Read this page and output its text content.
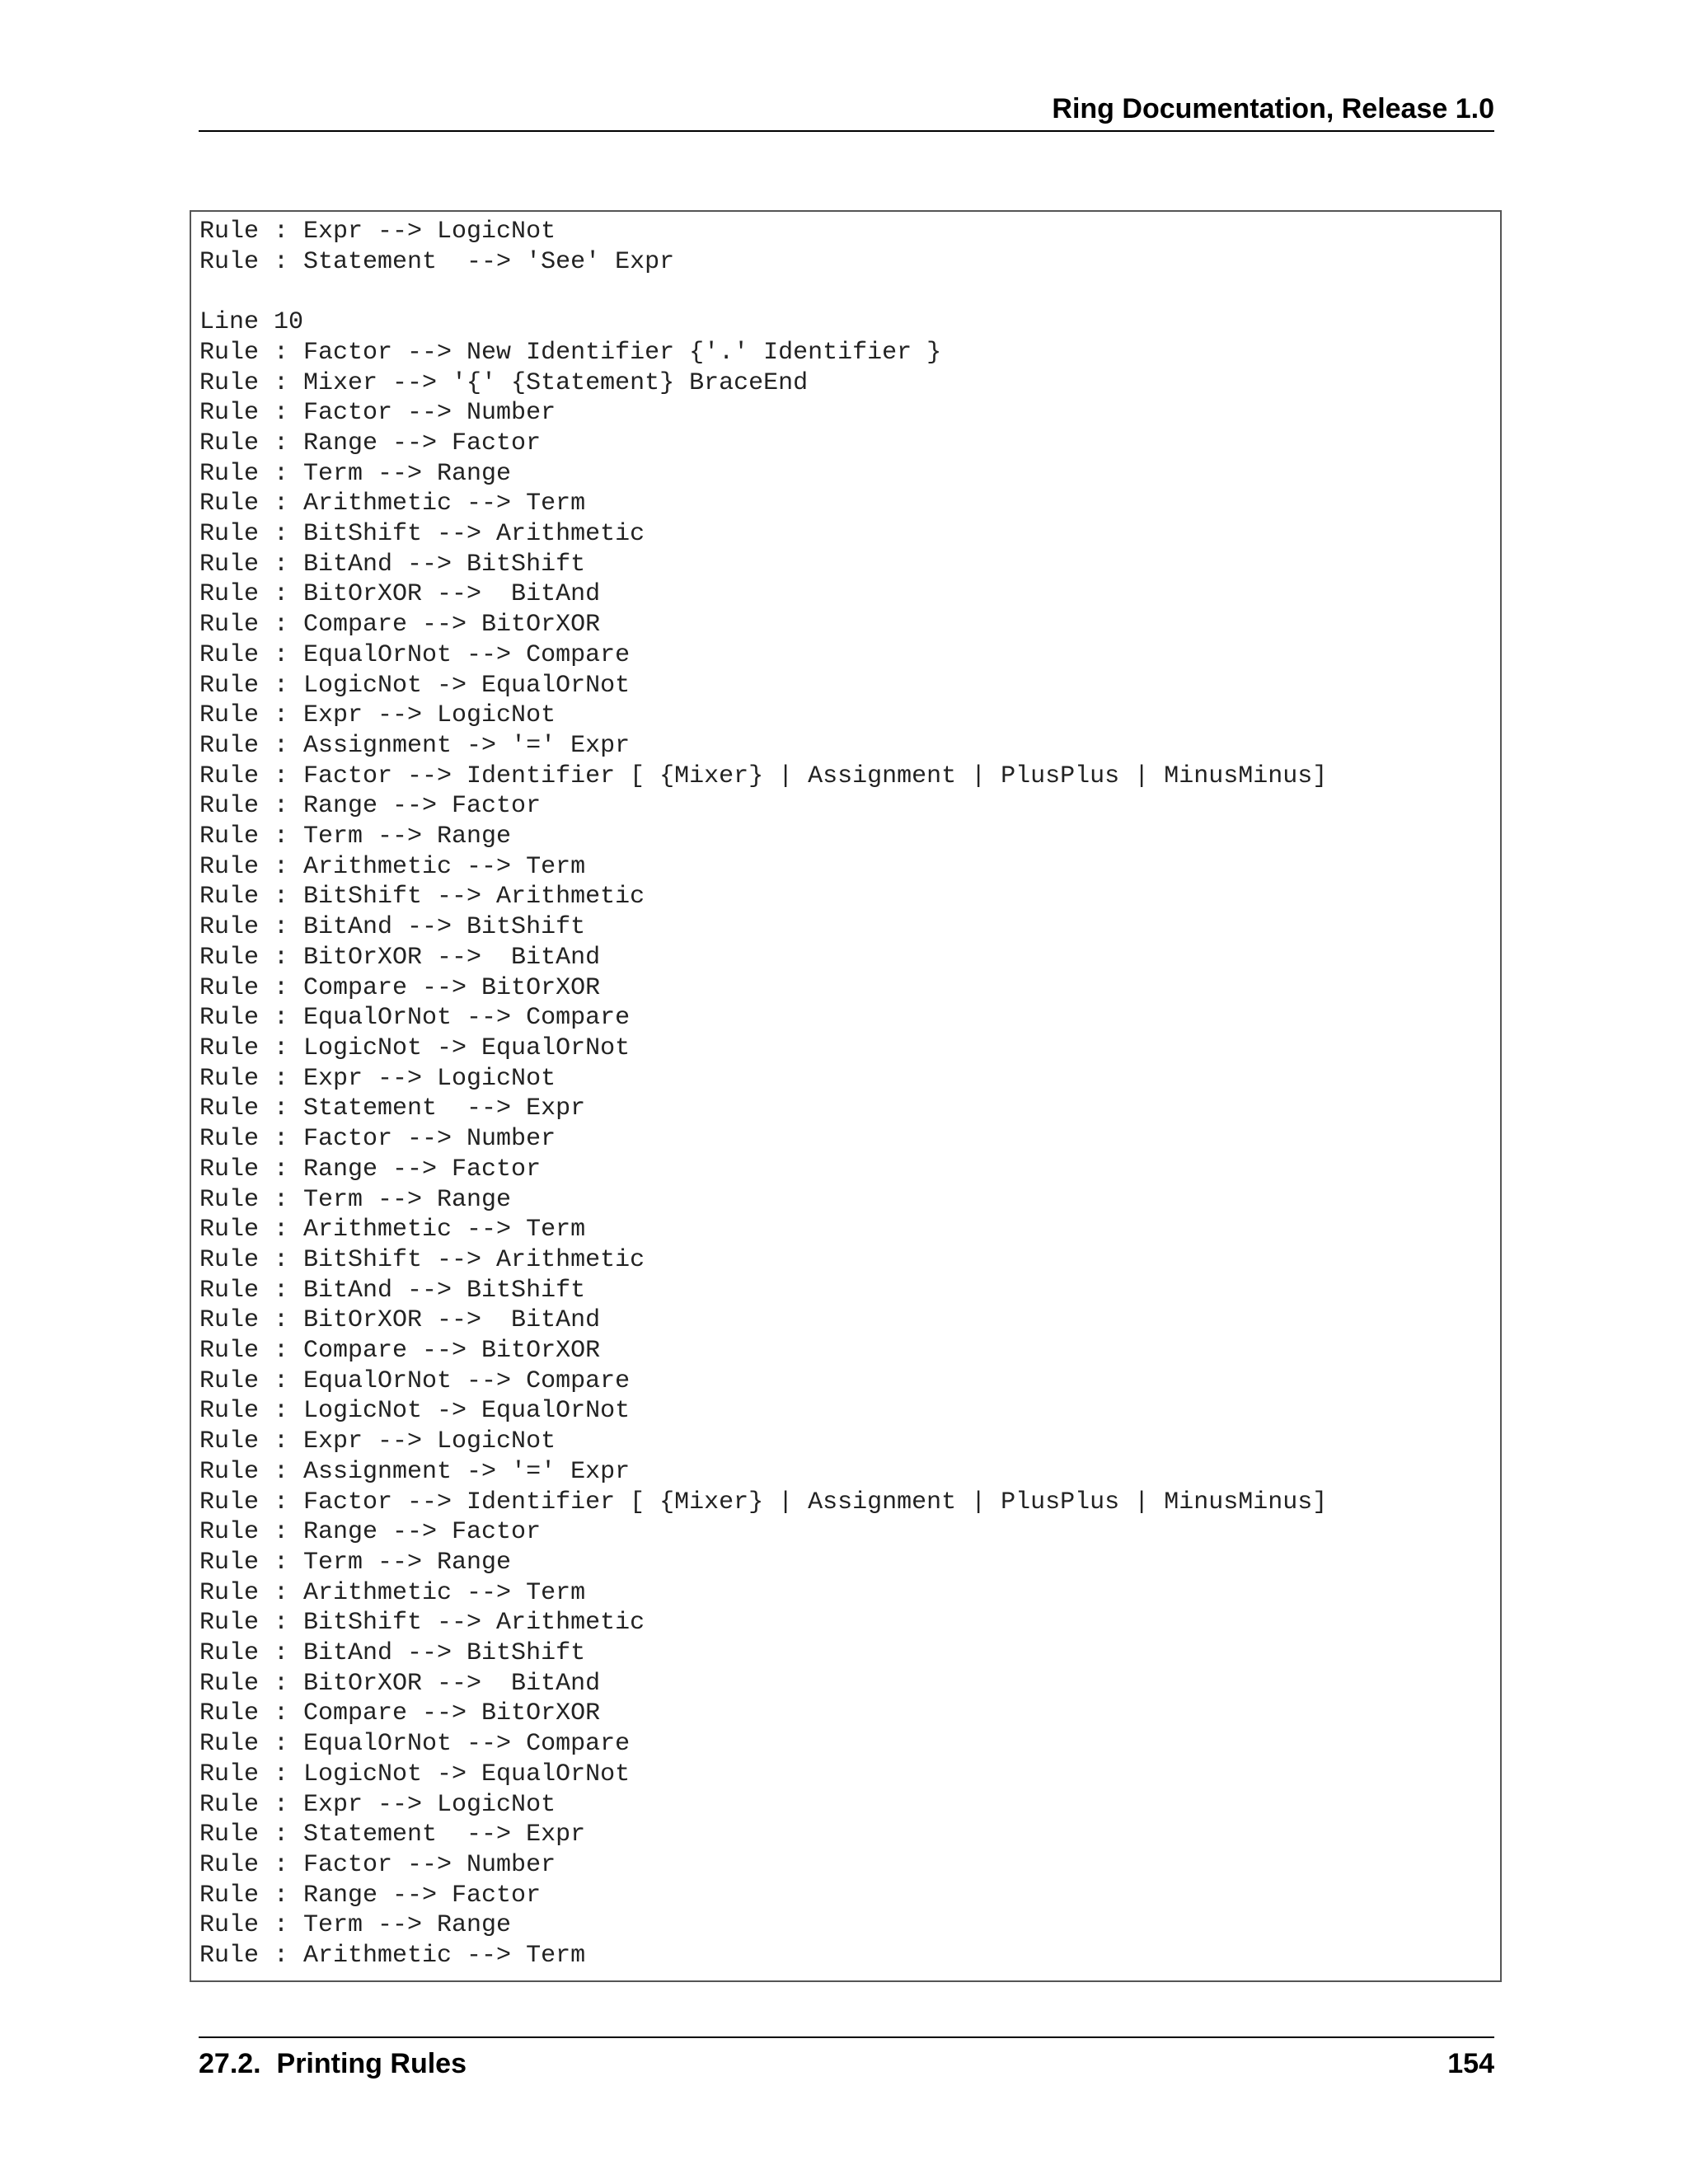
Ring Documentation, Release 1.0
Rule : Expr --> LogicNot
Rule : Statement  --> 'See' Expr

Line 10
Rule : Factor --> New Identifier {'.' Identifier }
Rule : Mixer --> '{' {Statement} BraceEnd
Rule : Factor --> Number
Rule : Range --> Factor
Rule : Term --> Range
Rule : Arithmetic --> Term
Rule : BitShift --> Arithmetic
Rule : BitAnd --> BitShift
Rule : BitOrXOR -->  BitAnd
Rule : Compare --> BitOrXOR
Rule : EqualOrNot --> Compare
Rule : LogicNot -> EqualOrNot
Rule : Expr --> LogicNot
Rule : Assignment -> '=' Expr
Rule : Factor --> Identifier [ {Mixer} | Assignment | PlusPlus | MinusMinus]
Rule : Range --> Factor
Rule : Term --> Range
Rule : Arithmetic --> Term
Rule : BitShift --> Arithmetic
Rule : BitAnd --> BitShift
Rule : BitOrXOR -->  BitAnd
Rule : Compare --> BitOrXOR
Rule : EqualOrNot --> Compare
Rule : LogicNot -> EqualOrNot
Rule : Expr --> LogicNot
Rule : Statement  --> Expr
Rule : Factor --> Number
Rule : Range --> Factor
Rule : Term --> Range
Rule : Arithmetic --> Term
Rule : BitShift --> Arithmetic
Rule : BitAnd --> BitShift
Rule : BitOrXOR -->  BitAnd
Rule : Compare --> BitOrXOR
Rule : EqualOrNot --> Compare
Rule : LogicNot -> EqualOrNot
Rule : Expr --> LogicNot
Rule : Assignment -> '=' Expr
Rule : Factor --> Identifier [ {Mixer} | Assignment | PlusPlus | MinusMinus]
Rule : Range --> Factor
Rule : Term --> Range
Rule : Arithmetic --> Term
Rule : BitShift --> Arithmetic
Rule : BitAnd --> BitShift
Rule : BitOrXOR -->  BitAnd
Rule : Compare --> BitOrXOR
Rule : EqualOrNot --> Compare
Rule : LogicNot -> EqualOrNot
Rule : Expr --> LogicNot
Rule : Statement  --> Expr
Rule : Factor --> Number
Rule : Range --> Factor
Rule : Term --> Range
Rule : Arithmetic --> Term
27.2.  Printing Rules	154
